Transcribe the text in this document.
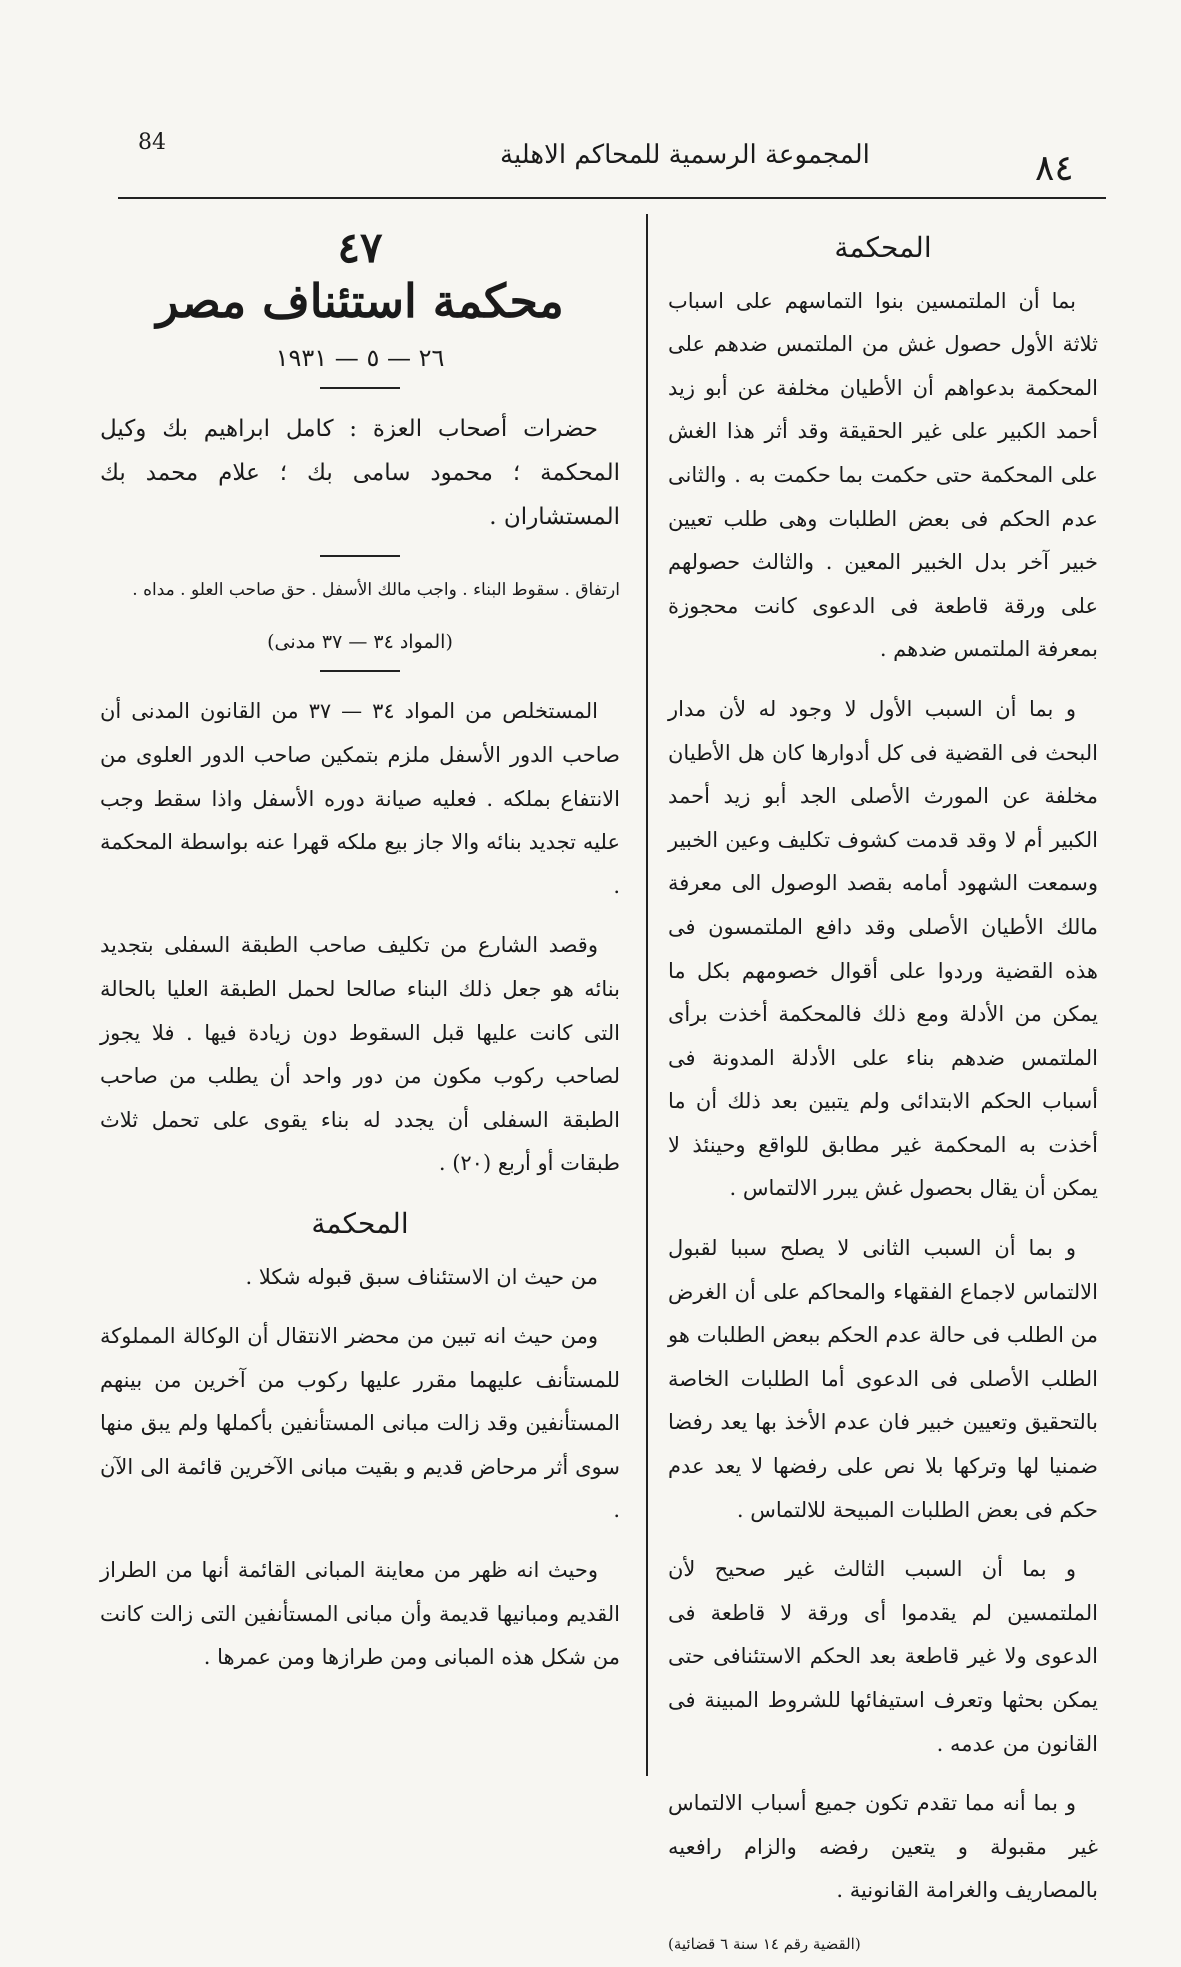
84	المجموعة الرسمية للمحاكم الاهلية	٨٤
المحكمة

بما أن الملتمسين بنوا التماسهم على اسباب ثلاثة الأول حصول غش من الملتمس ضدهم على المحكمة بدعواهم أن الأطيان مخلفة عن أبو زيد أحمد الكبير على غير الحقيقة وقد أثر هذا الغش على المحكمة حتى حكمت بما حكمت به . والثانى عدم الحكم فى بعض الطلبات وهى طلب تعيين خبير آخر بدل الخبير المعين . والثالث حصولهم على ورقة قاطعة فى الدعوى كانت محجوزة بمعرفة الملتمس ضدهم .

و بما أن السبب الأول لا وجود له لأن مدار البحث فى القضية فى كل أدوارها كان هل الأطيان مخلفة عن المورث الأصلى الجد أبو زيد أحمد الكبير أم لا وقد قدمت كشوف تكليف وعين الخبير وسمعت الشهود أمامه بقصد الوصول الى معرفة مالك الأطيان الأصلى وقد دافع الملتمسون فى هذه القضية وردوا على أقوال خصومهم بكل ما يمكن من الأدلة ومع ذلك فالمحكمة أخذت برأى الملتمس ضدهم بناء على الأدلة المدونة فى أسباب الحكم الابتدائى ولم يتبين بعد ذلك أن ما أخذت به المحكمة غير مطابق للواقع وحينئذ لا يمكن أن يقال بحصول غش يبرر الالتماس .

و بما أن السبب الثانى لا يصلح سببا لقبول الالتماس لاجماع الفقهاء والمحاكم على أن الغرض من الطلب فى حالة عدم الحكم ببعض الطلبات هو الطلب الأصلى فى الدعوى أما الطلبات الخاصة بالتحقيق وتعيين خبير فان عدم الأخذ بها يعد رفضا ضمنيا لها وتركها بلا نص على رفضها لا يعد عدم حكم فى بعض الطلبات المبيحة للالتماس .

و بما أن السبب الثالث غير صحيح لأن الملتمسين لم يقدموا أى ورقة لا قاطعة فى الدعوى ولا غير قاطعة بعد الحكم الاستئنافى حتى يمكن بحثها وتعرف استيفائها للشروط المبينة فى القانون من عدمه .

و بما أنه مما تقدم تكون جميع أسباب الالتماس غير مقبولة و يتعين رفضه والزام رافعيه بالمصاريف والغرامة القانونية .

(القضية رقم ١٤ سنة ٦ قضائية)
٤٧
محكمة استئناف مصر
٢٦ — ٥ — ١٩٣١

حضرات أصحاب العزة : كامل ابراهيم بك وكيل المحكمة ؛ محمود سامى بك ؛ علام محمد بك المستشاران .

ارتفاق . سقوط البناء . واجب مالك الأسفل . حق صاحب العلو . مداه .

(المواد ٣٤ — ٣٧ مدنى)

المستخلص من المواد ٣٤ — ٣٧ من القانون المدنى أن صاحب الدور الأسفل ملزم بتمكين صاحب الدور العلوى من الانتفاع بملكه . فعليه صيانة دوره الأسفل واذا سقط وجب عليه تجديد بنائه والا جاز بيع ملكه قهرا عنه بواسطة المحكمة .

وقصد الشارع من تكليف صاحب الطبقة السفلى بتجديد بنائه هو جعل ذلك البناء صالحا لحمل الطبقة العليا بالحالة التى كانت عليها قبل السقوط دون زيادة فيها . فلا يجوز لصاحب ركوب مكون من دور واحد أن يطلب من صاحب الطبقة السفلى أن يجدد له بناء يقوى على تحمل ثلاث طبقات أو أربع (٢٠) .

المحكمة

من حيث ان الاستئناف سبق قبوله شكلا .

ومن حيث انه تبين من محضر الانتقال أن الوكالة المملوكة للمستأنف عليهما مقرر عليها ركوب من آخرين من بينهم المستأنفين وقد زالت مبانى المستأنفين بأكملها ولم يبق منها سوى أثر مرحاض قديم و بقيت مبانى الآخرين قائمة الى الآن .

وحيث انه ظهر من معاينة المبانى القائمة أنها من الطراز القديم ومبانيها قديمة وأن مبانى المستأنفين التى زالت كانت من شكل هذه المبانى ومن طرازها ومن عمرها .
